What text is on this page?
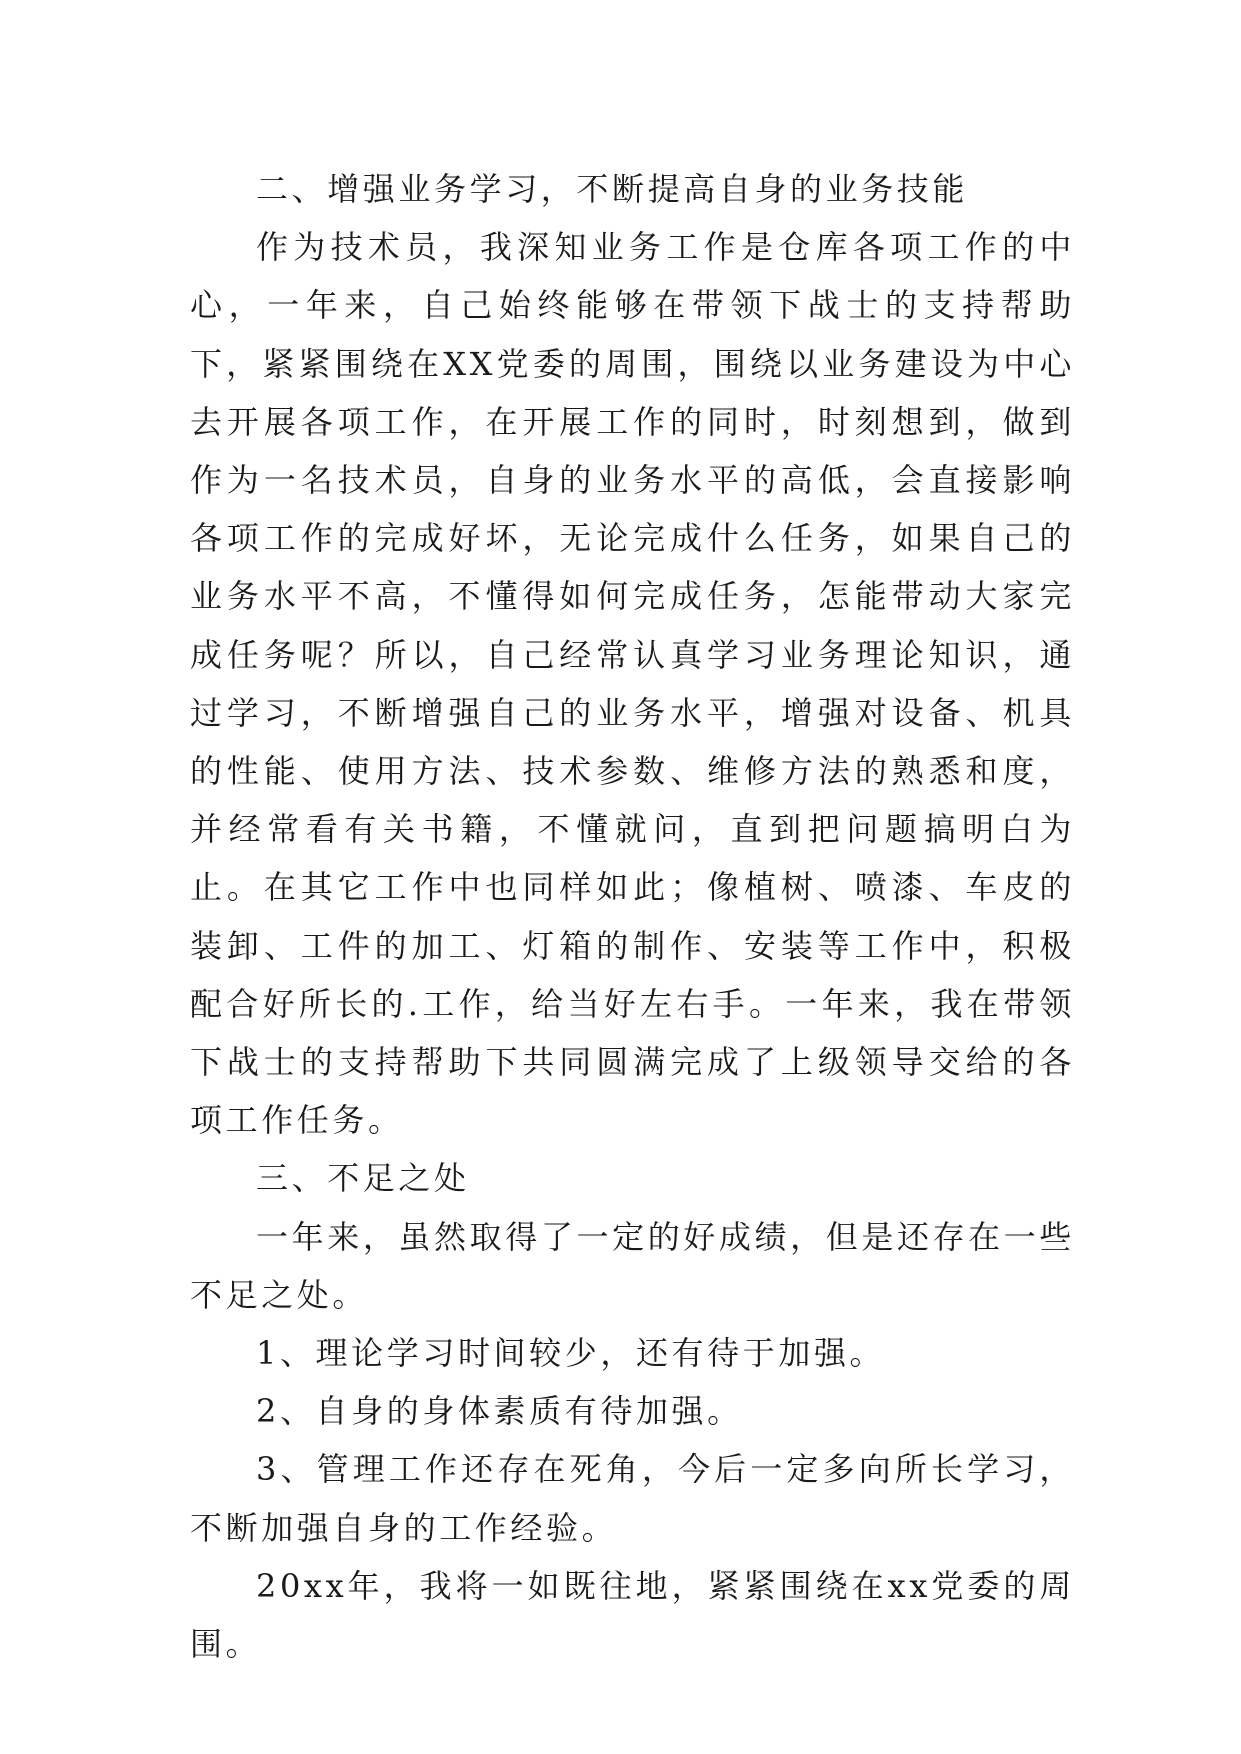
二、增强业务学习，不断提高自身的业务技能

作为技术员，我深知业务工作是仓库各项工作的中心，一年来，自己始终能够在带领下战士的支持帮助下，紧紧围绕在XX党委的周围，围绕以业务建设为中心去开展各项工作，在开展工作的同时，时刻想到，做到作为一名技术员，自身的业务水平的高低，会直接影响各项工作的完成好坏，无论完成什么任务，如果自己的业务水平不高，不懂得如何完成任务，怎能带动大家完成任务呢？所以，自己经常认真学习业务理论知识，通过学习，不断增强自己的业务水平，增强对设备、机具的性能、使用方法、技术参数、维修方法的熟悉和度，并经常看有关书籍，不懂就问，直到把问题搞明白为止。在其它工作中也同样如此；像植树、喷漆、车皮的装卸、工件的加工、灯箱的制作、安装等工作中，积极配合好所长的.工作，给当好左右手。一年来，我在带领下战士的支持帮助下共同圆满完成了上级领导交给的各项工作任务。

三、不足之处

一年来，虽然取得了一定的好成绩，但是还存在一些不足之处。

1、理论学习时间较少，还有待于加强。

2、自身的身体素质有待加强。

3、管理工作还存在死角，今后一定多向所长学习，不断加强自身的工作经验。

20xx年，我将一如既往地，紧紧围绕在xx党委的周围。
